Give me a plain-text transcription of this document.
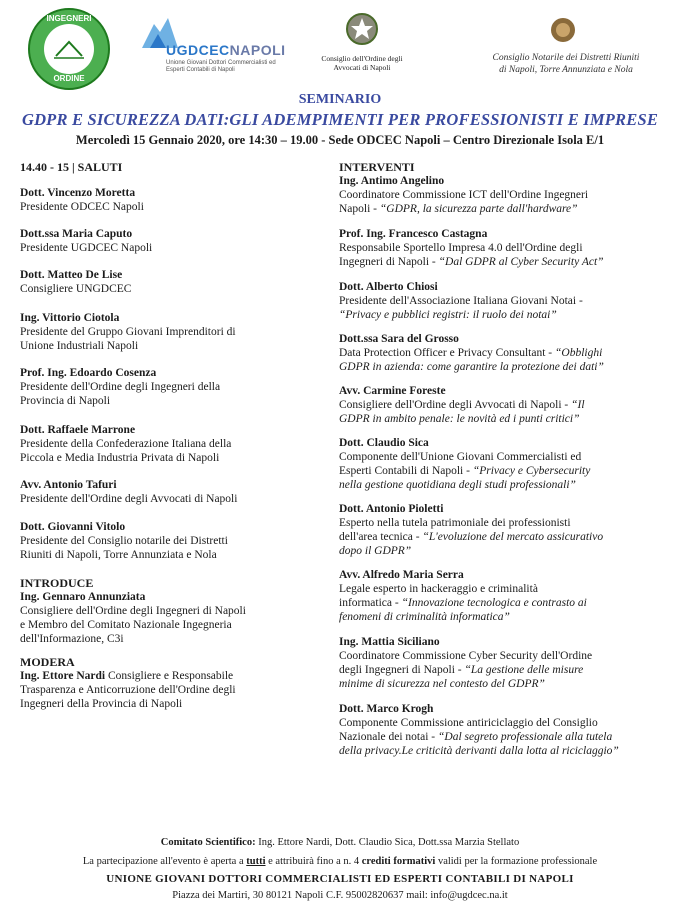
INGEGNERI
ORDINE
UGDCECNAPOLI
Unione Giovani Dottori Commercialisti ed Esperti Contabili di Napoli
Consiglio dell'Ordine degli Avvocati di Napoli
Consiglio Notarile dei Distretti Riuniti
di Napoli, Torre Annunziata e Nola
SEMINARIO
GDPR E SICUREZZA DATI:GLI ADEMPIMENTI PER PROFESSIONISTI E IMPRESE
Mercoledì 15 Gennaio 2020, ore 14:30 – 19.00 - Sede ODCEC Napoli – Centro Direzionale Isola E/1
14.40 - 15 | SALUTI
Dott. Vincenzo Moretta
Presidente ODCEC Napoli
Dott.ssa Maria Caputo
Presidente UGDCEC Napoli
Dott. Matteo De Lise
Consigliere UNGDCEC
Ing. Vittorio Ciotola
Presidente del Gruppo Giovani Imprenditori di
Unione Industriali Napoli
Prof. Ing. Edoardo Cosenza
Presidente dell'Ordine degli Ingegneri della
Provincia di Napoli
Dott. Raffaele Marrone
Presidente della Confederazione Italiana della
Piccola e Media Industria Privata di Napoli
Avv. Antonio Tafuri
Presidente dell'Ordine degli Avvocati di Napoli
Dott. Giovanni Vitolo
Presidente del Consiglio notarile dei Distretti
Riuniti di Napoli, Torre Annunziata e Nola
INTRODUCE
Ing. Gennaro Annunziata
Consigliere dell'Ordine degli Ingegneri di Napoli
e Membro del Comitato Nazionale Ingegneria
dell'Informazione, C3i
MODERA
Ing. Ettore Nardi Consigliere e Responsabile
Trasparenza e Anticorruzione dell'Ordine degli
Ingegneri della Provincia di Napoli
INTERVENTI
Ing. Antimo Angelino
Coordinatore Commissione ICT dell'Ordine Ingegneri
Napoli - “GDPR, la sicurezza parte dall'hardware”
Prof. Ing. Francesco Castagna
Responsabile Sportello Impresa 4.0 dell'Ordine degli
Ingegneri di Napoli - “Dal GDPR al Cyber Security Act”
Dott. Alberto Chiosi
Presidente dell'Associazione Italiana Giovani Notai -
“Privacy e pubblici registri: il ruolo dei notai”
Dott.ssa Sara del Grosso
Data Protection Officer e Privacy Consultant - “Obblighi
GDPR in azienda: come garantire la protezione dei dati”
Avv. Carmine Foreste
Consigliere dell'Ordine degli Avvocati di Napoli - “Il
GDPR in ambito penale: le novità ed i punti critici”
Dott. Claudio Sica
Componente dell'Unione Giovani Commercialisti ed
Esperti Contabili di Napoli - “Privacy e Cybersecurity
nella gestione quotidiana degli studi professionali”
Dott. Antonio Pioletti
Esperto nella tutela patrimoniale dei professionisti
dell'area tecnica - “L'evoluzione del mercato assicurativo
dopo il GDPR”
Avv. Alfredo Maria Serra
Legale esperto in hackeraggio e criminalità
informatica - “Innovazione tecnologica e contrasto ai
fenomeni di criminalità informatica”
Ing. Mattia Siciliano
Coordinatore Commissione Cyber Security dell'Ordine
degli Ingegneri di Napoli - “La gestione delle misure
minime di sicurezza nel contesto del GDPR”
Dott. Marco Krogh
Componente Commissione antiriciclaggio del Consiglio
Nazionale dei notai - “Dal segreto professionale alla tutela
della privacy.Le criticità derivanti dalla lotta al riciclaggio”
Comitato Scientifico: Ing. Ettore Nardi, Dott. Claudio Sica, Dott.ssa Marzia Stellato
La partecipazione all'evento è aperta a tutti e attribuirà fino a n. 4 crediti formativi validi per la formazione professionale
UNIONE GIOVANI DOTTORI COMMERCIALISTI ED ESPERTI CONTABILI DI NAPOLI
Piazza dei Martiri, 30 80121 Napoli C.F. 95002820637 mail: info@ugdcec.na.it
